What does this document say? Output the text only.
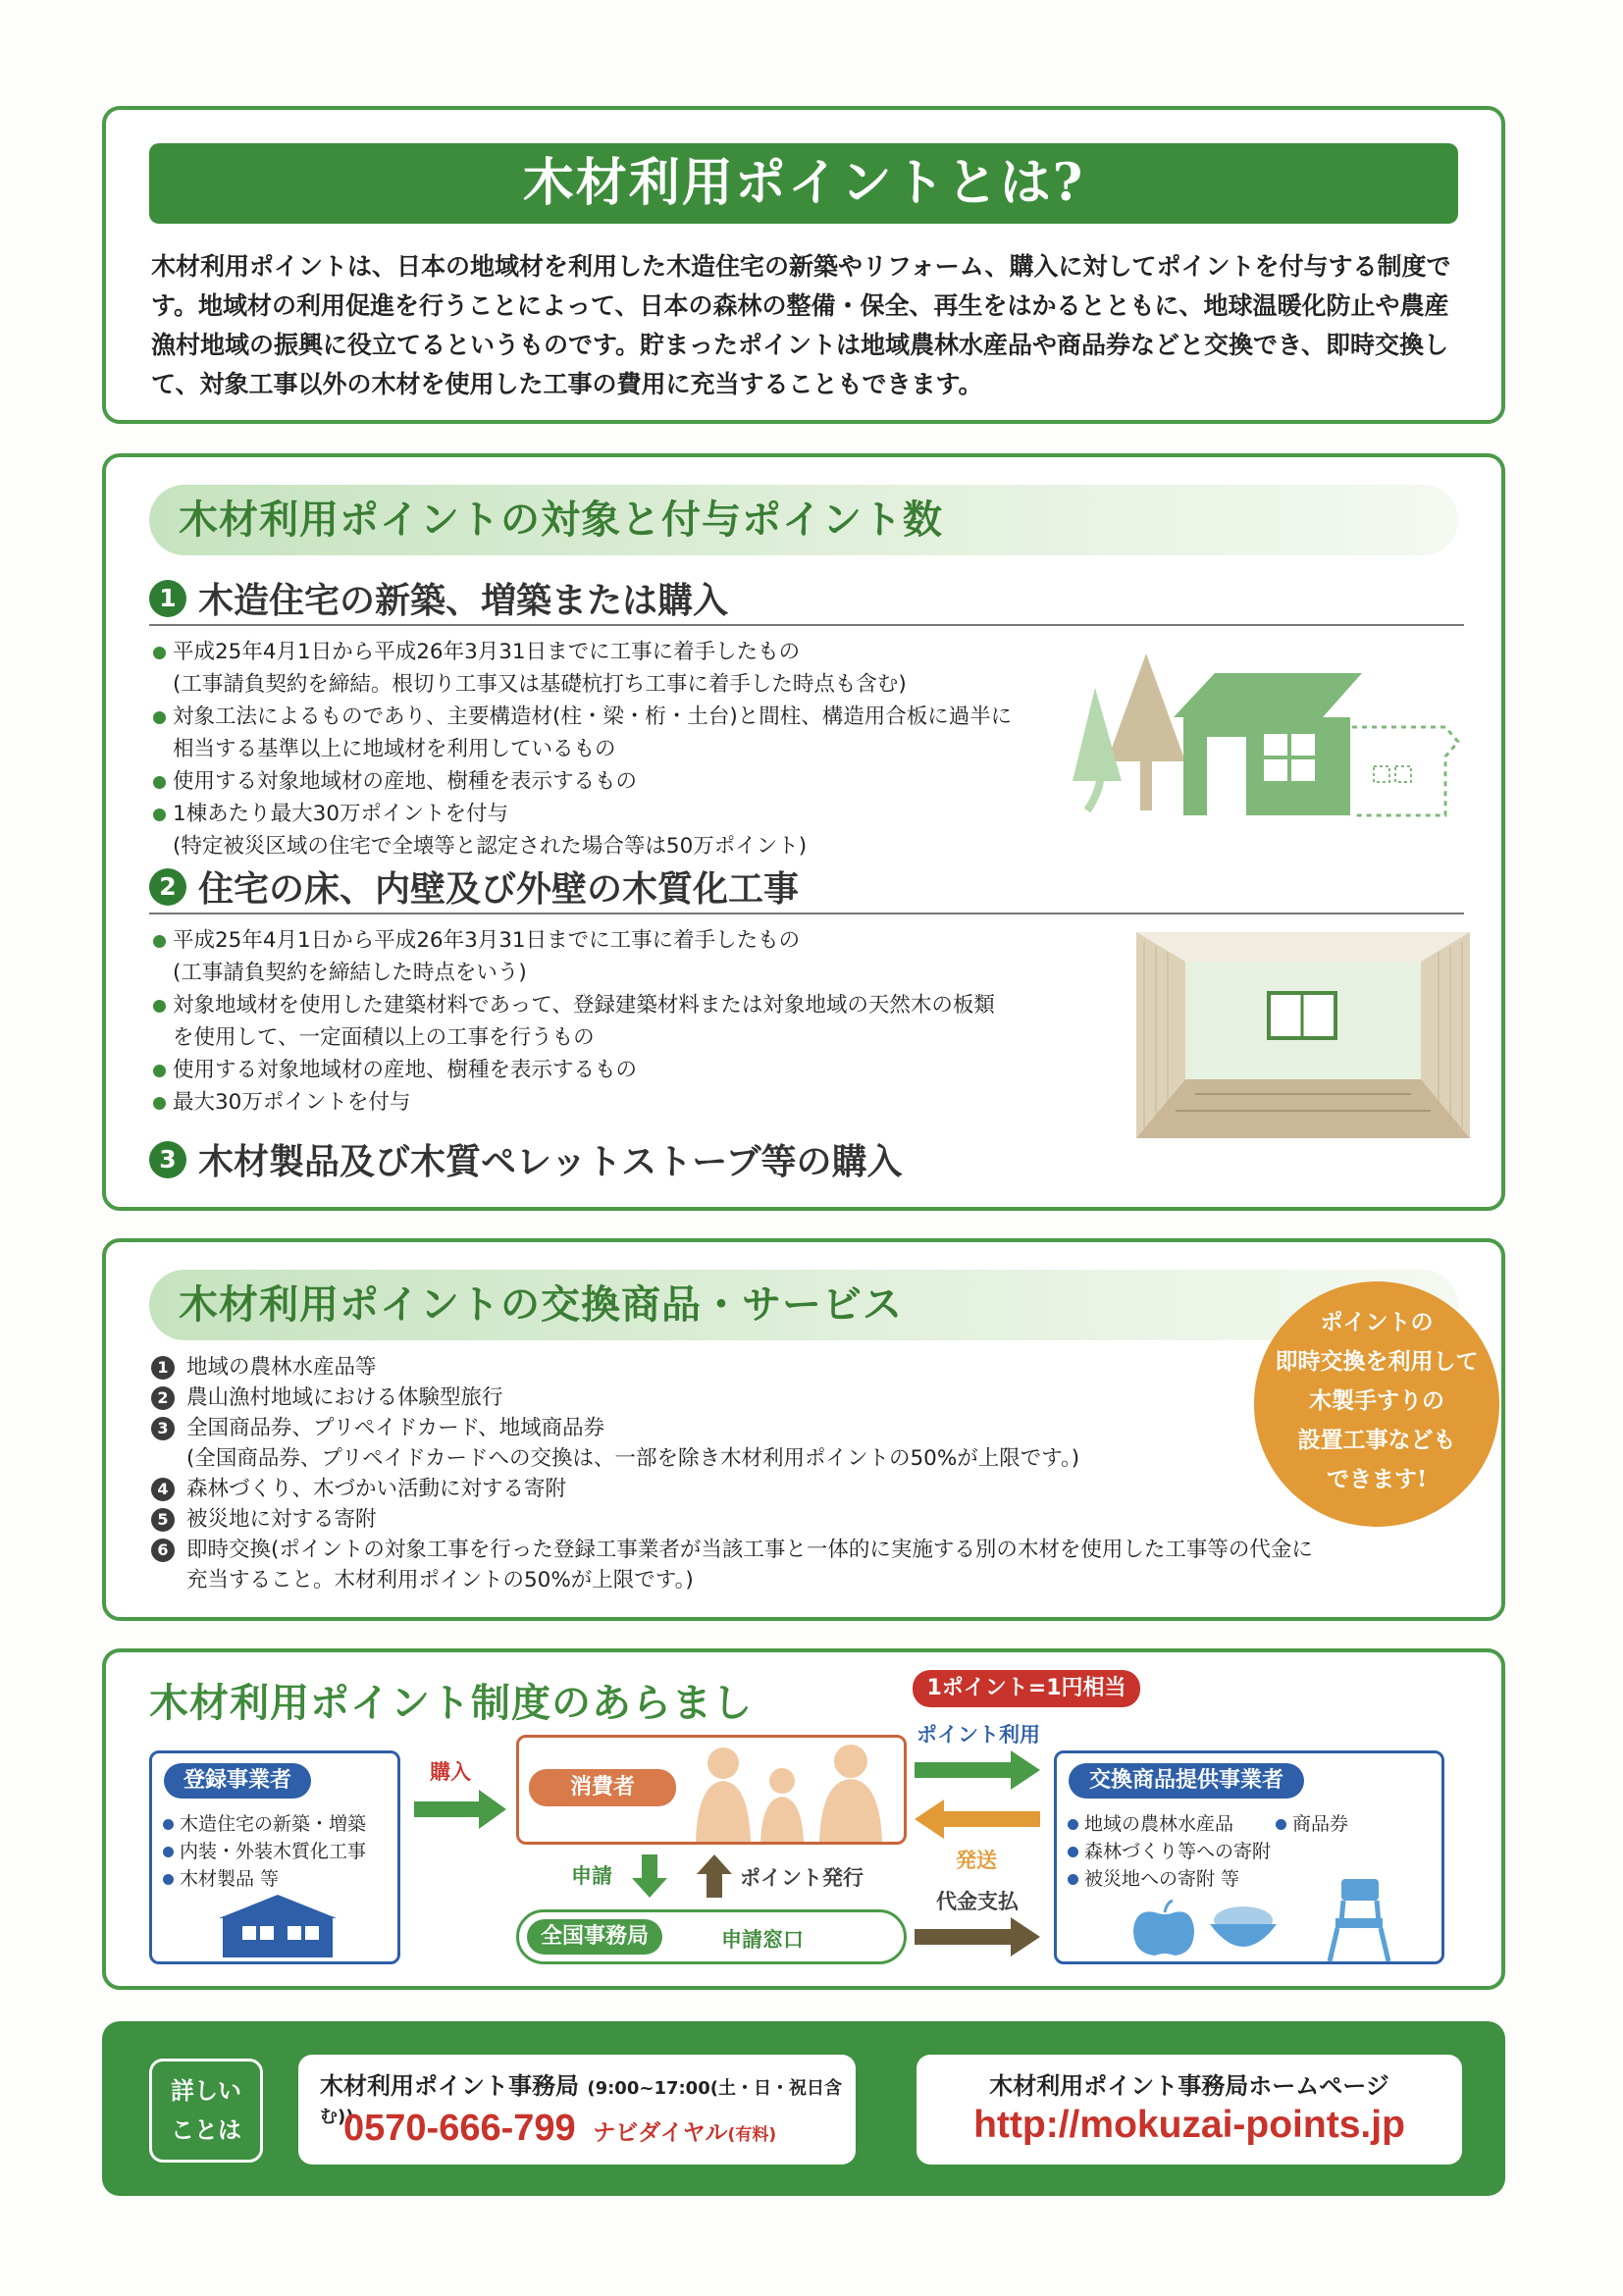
木材利用ポイントとは?

木材利用ポイントは、日本の地域材を利用した木造住宅の新築やリフォーム、購入に対してポイントを付与する制度です。地域材の利用促進を行うことによって、日本の森林の整備・保全、再生をはかるとともに、地球温暖化防止や農産漁村地域の振興に役立てるというものです。貯まったポイントは地域農林水産品や商品券などと交換でき、即時交換して、対象工事以外の木材を使用した工事の費用に充当することもできます。

木材利用ポイントの対象と付与ポイント数
1 木造住宅の新築、増築または購入
平成25年4月1日から平成26年3月31日までに工事に着手したもの
(工事請負契約を締結。根切り工事又は基礎杭打ち工事に着手した時点も含む)
対象工法によるものであり、主要構造材(柱・梁・桁・土台)と間柱、構造用合板に過半に
相当する基準以上に地域材を利用しているもの
使用する対象地域材の産地、樹種を表示するもの
1棟あたり最大30万ポイントを付与
(特定被災区域の住宅で全壊等と認定された場合等は50万ポイント)
2 住宅の床、内壁及び外壁の木質化工事
平成25年4月1日から平成26年3月31日までに工事に着手したもの
(工事請負契約を締結した時点をいう)
対象地域材を使用した建築材料であって、登録建築材料または対象地域の天然木の板類
を使用して、一定面積以上の工事を行うもの
使用する対象地域材の産地、樹種を表示するもの
最大30万ポイントを付与
3 木材製品及び木質ペレットストーブ等の購入
木材利用ポイントの交換商品・サービス
1 地域の農林水産品等
2 農山漁村地域における体験型旅行
3 全国商品券、プリペイドカード、地域商品券
(全国商品券、プリペイドカードへの交換は、一部を除き木材利用ポイントの50%が上限です。)
4 森林づくり、木づかい活動に対する寄附
5 被災地に対する寄附
6 即時交換(ポイントの対象工事を行った登録工事業者が当該工事と一体的に実施する別の木材を使用した工事等の代金に
充当すること。木材利用ポイントの50%が上限です。)
ポイントの
即時交換を利用して
木製手すりの
設置工事なども
できます!
木材利用ポイント制度のあらまし
登録事業者
木造住宅の新築・増築
内装・外装木質化工事
木材製品 等
購入
消費者
申請	ポイント発行
全国事務局	申請窓口
1ポイント=1円相当
ポイント利用
発送
代金支払
交換商品提供事業者
地域の農林水産品
森林づくり等への寄附
被災地への寄附 等
商品券
詳しい
ことは
木材利用ポイント事務局 (9:00~17:00(土・日・祝日含む))
0570-666-799 ナビダイヤル(有料)
木材利用ポイント事務局ホームページ
http://mokuzai-points.jp
